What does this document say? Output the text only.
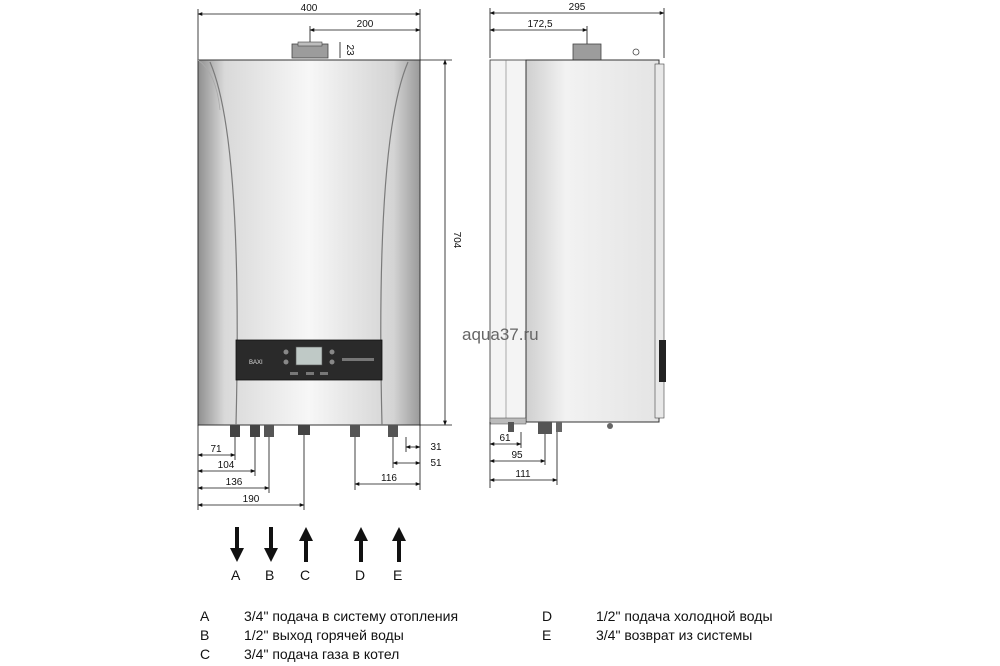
400
200
23
BAXI
704
71
104
136
190
31
51
116
295
172,5
61
95
111
aqua37.ru
A B C	D E
A 3/4" подача в систему отопления
B 1/2" выход горячей воды
C 3/4" подача газа в котел
D	1/2" подача холодной воды
E	3/4" возврат из системы
